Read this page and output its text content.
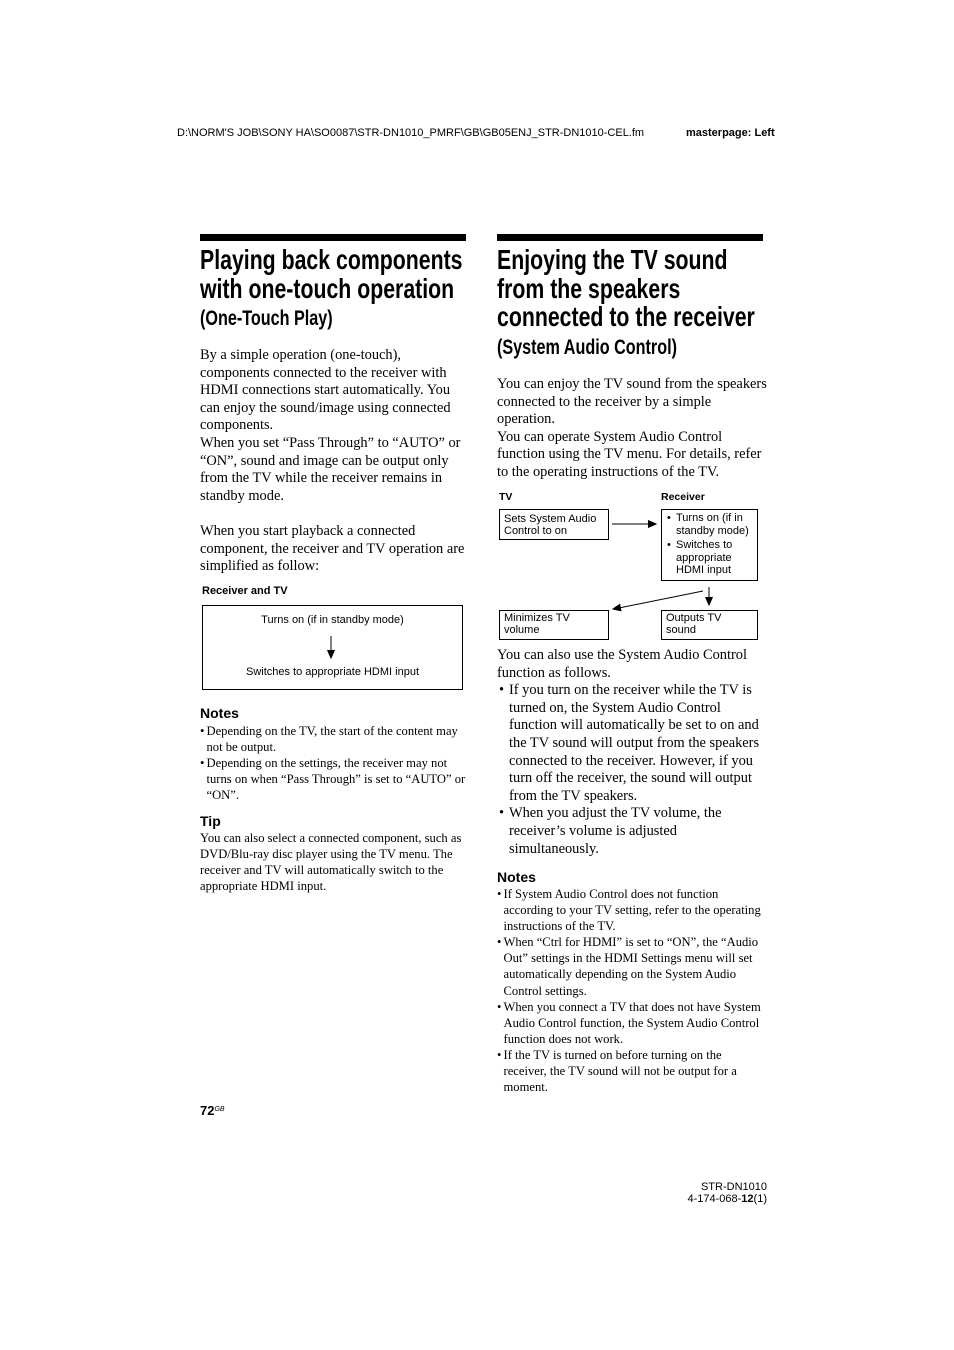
D:\NORM'S JOB\SONY HA\SO0087\STR-DN1010_PMRF\GB\GB05ENJ_STR-DN1010-CEL.fm	masterpage: Left
Playing back components
with one-touch operation
(One-Touch Play)
By a simple operation (one-touch),
components connected to the receiver with
HDMI connections start automatically. You
can enjoy the sound/image using connected
components.
When you set “Pass Through” to “AUTO” or
“ON”, sound and image can be output only
from the TV while the receiver remains in
standby mode.
When you start playback a connected
component, the receiver and TV operation are
simplified as follow:
Receiver and TV
Turns on (if in standby mode)
Switches to appropriate HDMI input
Notes
• Depending on the TV, the start of the content may
not be output.
• Depending on the settings, the receiver may not
turns on when “Pass Through” is set to “AUTO” or
“ON”.
Tip
You can also select a connected component, such as
DVD/Blu-ray disc player using the TV menu. The
receiver and TV will automatically switch to the
appropriate HDMI input.
$72^{GB}$
Enjoying the TV sound
from the speakers
connected to the receiver
(System Audio Control)
You can enjoy the TV sound from the speakers
connected to the receiver by a simple
operation.
You can operate System Audio Control
function using the TV menu. For details, refer
to the operating instructions of the TV.
TV	Receiver
Sets System Audio
Control to on
• Turns on (if in
standby mode)
• Switches to
appropriate
HDMI input
Minimizes TV
volume
Outputs TV
sound
You can also use the System Audio Control
function as follows.
• If you turn on the receiver while the TV is
turned on, the System Audio Control
function will automatically be set to on and
the TV sound will output from the speakers
connected to the receiver. However, if you
turn off the receiver, the sound will output
from the TV speakers.
• When you adjust the TV volume, the
receiver’s volume is adjusted
simultaneously.
Notes
• If System Audio Control does not function
according to your TV setting, refer to the operating
instructions of the TV.
• When “Ctrl for HDMI” is set to “ON”, the “Audio
Out” settings in the HDMI Settings menu will set
automatically depending on the System Audio
Control settings.
• When you connect a TV that does not have System
Audio Control function, the System Audio Control
function does not work.
• If the TV is turned on before turning on the
receiver, the TV sound will not be output for a
moment.
STR-DN1010
4-174-068-12(1)
